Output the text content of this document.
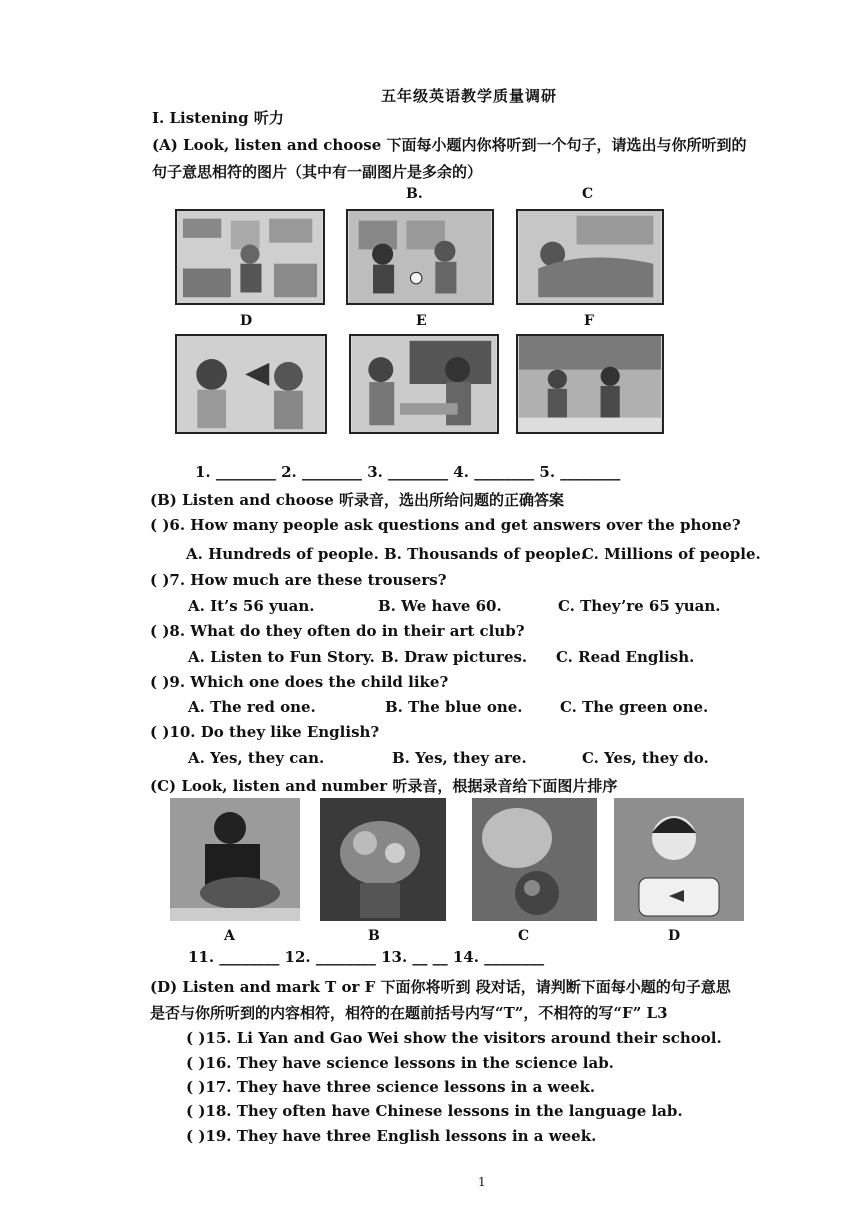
五年级英语教学质量调研
I. Listening 听力
(A) Look, listen and choose 下面每小题内你将听到一个句子，请选出与你所听到的
句子意思相符的图片（其中有一副图片是多余的）
B.	C
D	E	F
1. ________ 2. ________ 3. ________ 4. ________ 5. ________
(B) Listen and choose 听录音，选出所给问题的正确答案
( )6. How many people ask questions and get answers over the phone?
A. Hundreds of people. B. Thousands of people.
C. Millions of people.
( )7. How much are these trousers?
A. It’s 56 yuan.	B. We have 60.	C. They’re 65 yuan.
( )8. What do they often do in their art club?
A. Listen to Fun Story. B. Draw pictures. C. Read English.
( )9. Which one does the child like?
A. The red one.	B. The blue one.	C. The green one.
( )10. Do they like English?
A. Yes, they can.	B. Yes, they are.	C. Yes, they do.
(C) Look, listen and number 听录音，根据录音给下面图片排序
A	B	C	D
11. ________ 12. ________ 13. __ __ 14. ________
(D) Listen and mark T or F 下面你将听到 段对话，请判断下面每小题的句子意思
是否与你所听到的内容相符，相符的在题前括号内写“T”，不相符的写“F” L3
( )15. Li Yan and Gao Wei show the visitors around their school.
( )16. They have science lessons in the science lab.
( )17. They have three science lessons in a week.
( )18. They often have Chinese lessons in the language lab.
( )19. They have three English lessons in a week.
1
